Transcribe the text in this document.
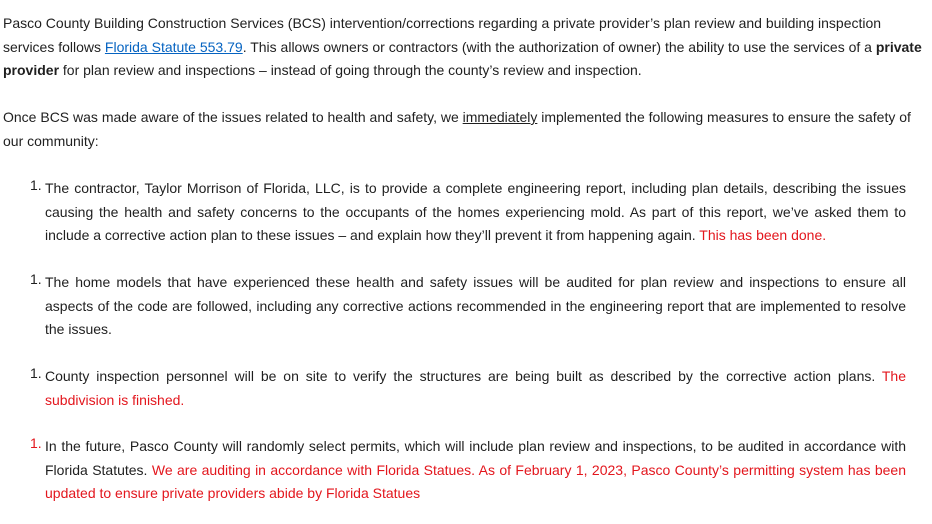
Pasco County Building Construction Services (BCS) intervention/corrections regarding a private provider’s plan review and building inspection services follows Florida Statute 553.79. This allows owners or contractors (with the authorization of owner) the ability to use the services of a private provider for plan review and inspections – instead of going through the county’s review and inspection.

Once BCS was made aware of the issues related to health and safety, we immediately implemented the following measures to ensure the safety of our community:

1. The contractor, Taylor Morrison of Florida, LLC, is to provide a complete engineering report, including plan details, describing the issues causing the health and safety concerns to the occupants of the homes experiencing mold. As part of this report, we’ve asked them to include a corrective action plan to these issues – and explain how they’ll prevent it from happening again. This has been done.

1. The home models that have experienced these health and safety issues will be audited for plan review and inspections to ensure all aspects of the code are followed, including any corrective actions recommended in the engineering report that are implemented to resolve the issues.

1. County inspection personnel will be on site to verify the structures are being built as described by the corrective action plans. The subdivision is finished.

1. In the future, Pasco County will randomly select permits, which will include plan review and inspections, to be audited in accordance with Florida Statutes. We are auditing in accordance with Florida Statues. As of February 1, 2023, Pasco County’s permitting system has been updated to ensure private providers abide by Florida Statues
